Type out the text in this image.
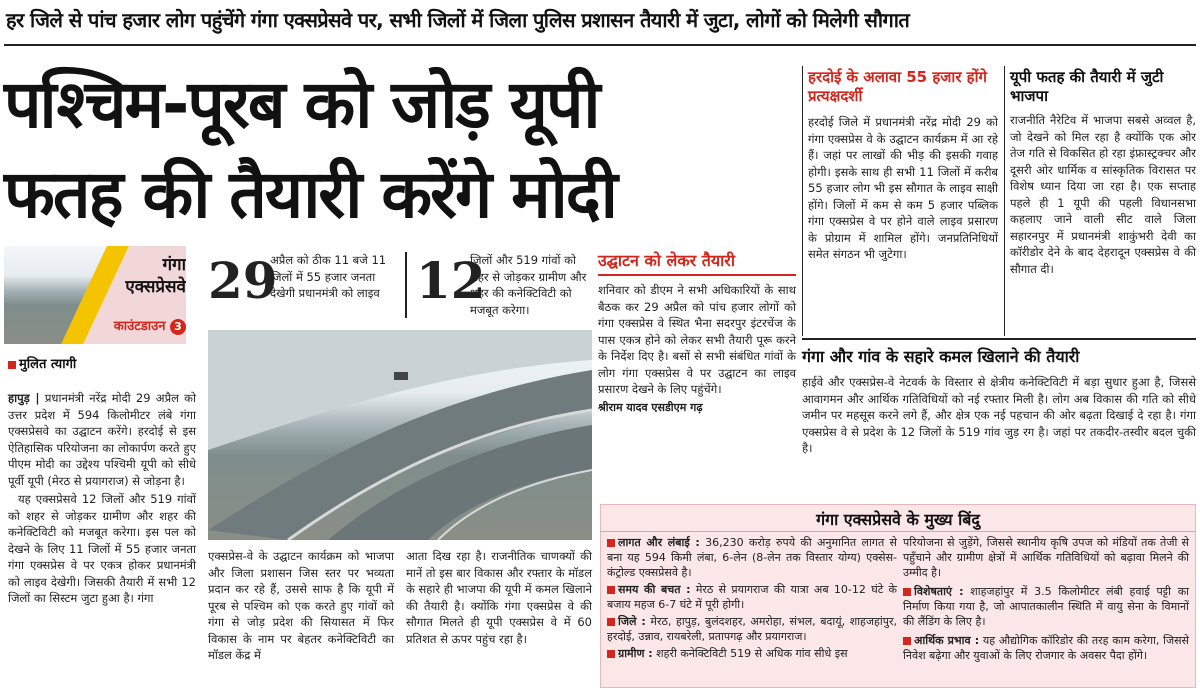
हर जिले से पांच हजार लोग पहुंचेंगे गंगा एक्सप्रेसवे पर, सभी जिलों में जिला पुलिस प्रशासन तैयारी में जुटा, लोगों को मिलेगी सौगात
पश्चिम-पूरब को जोड़ यूपी
फतह की तैयारी करेंगे मोदी
गंगा
एक्सप्रेसवे
काउंटडाउन 3
मुलित त्यागी

हापुड़ | प्रधानमंत्री नरेंद्र मोदी 29 अप्रैल को उत्तर प्रदेश में 594 किलोमीटर लंबे गंगा एक्सप्रेसवे का उद्घाटन करेंगे। हरदोई से इस ऐतिहासिक परियोजना का लोकार्पण करते हुए पीएम मोदी का उद्देश्य पश्चिमी यूपी को सीधे पूर्वी यूपी (मेरठ से प्रयागराज) से जोड़ना है।

यह एक्सप्रेसवे 12 जिलों और 519 गांवों को शहर से जोड़कर ग्रामीण और शहर की कनेक्टिविटी को मजबूत करेगा। इस पल को देखने के लिए 11 जिलों में 55 हजार जनता गंगा एक्सप्रेस वे पर एकत्र होकर प्रधानमंत्री को लाइव देखेगी। जिसकी तैयारी में सभी 12 जिलों का सिस्टम जुटा हुआ है। गंगा

29
अप्रैल को ठीक 11 बजे 11 जिलों में 55 हजार जनता देखेगी प्रधानमंत्री को लाइव 12
जिलों और 519 गांवों को शहर से जोड़कर ग्रामीण और शहर की कनेक्टिविटी को मजबूत करेगा।
एक्सप्रेस-वे के उद्घाटन कार्यक्रम को भाजपा और जिला प्रशासन जिस स्तर पर भव्यता प्रदान कर रहे हैं, उससे साफ है कि यूपी में पूरब से पश्चिम को एक करते हुए गांवों को गंगा से जोड़ प्रदेश की सियासत में फिर विकास के नाम पर बेहतर कनेक्टिविटी का मॉडल केंद्र में
आता दिख रहा है। राजनीतिक चाणक्यों की मानें तो इस बार विकास और रफ्तार के मॉडल के सहारे ही भाजपा की यूपी में कमल खिलाने की तैयारी है। क्योंकि गंगा एक्सप्रेस वे की सौगात मिलते ही यूपी एक्सप्रेस वे में 60 प्रतिशत से ऊपर पहुंच रहा है।
उद्घाटन को लेकर तैयारी
शनिवार को डीएम ने सभी अधिकारियों के साथ बैठक कर 29 अप्रैल को पांच हजार लोगों को गंगा एक्सप्रेस वे स्थित भैना सदरपुर इंटरचेंज के पास एकत्र होने को लेकर सभी तैयारी पूरू करने के निर्देश दिए है। बसों से सभी संबंधित गांवों के लोग गंगा एक्सप्रेस वे पर उद्घाटन का लाइव प्रसारण देखने के लिए पहुंचेंगे।
श्रीराम यादव एसडीएम गढ़
हरदोई के अलावा 55 हजार होंगे प्रत्यक्षदर्शी
हरदोई जिले में प्रधानमंत्री नरेंद्र मोदी 29 को गंगा एक्सप्रेस वे के उद्घाटन कार्यक्रम में आ रहे हैं। जहां पर लाखों की भीड़ की इसकी गवाह होगी। इसके साथ ही सभी 11 जिलों में करीब 55 हजार लोग भी इस सौगात के लाइव साक्षी होंगे। जिलों में कम से कम 5 हजार पब्लिक गंगा एक्सप्रेस वे पर होने वाले लाइव प्रसारण के प्रोग्राम में शामिल होंगे। जनप्रतिनिधियों समेत संगठन भी जुटेगा।
यूपी फतह की तैयारी में जुटी भाजपा
राजनीति नैरेटिव में भाजपा सबसे अव्वल है, जो देखने को मिल रहा है क्योंकि एक ओर तेज गति से विकसित हो रहा इंफ्रास्ट्रक्चर और दूसरी ओर धार्मिक व सांस्कृतिक विरासत पर विशेष ध्यान दिया जा रहा है। एक सप्ताह पहले ही 1 यूपी की पहली विधानसभा कहलाए जाने वाली सीट वाले जिला सहारनपुर में प्रधानमंत्री शाकुंभरी देवी का कॉरीडोर देने के बाद देहरादून एक्सप्रेस वे की सौगात दी।
गंगा और गांव के सहारे कमल खिलाने की तैयारी
हाईवे और एक्सप्रेस-वे नेटवर्क के विस्तार से क्षेत्रीय कनेक्टिविटी में बड़ा सुधार हुआ है, जिससे आवागमन और आर्थिक गतिविधियों को नई रफ्तार मिली है। लोग अब विकास की गति को सीधे जमीन पर महसूस करने लगे हैं, और क्षेत्र एक नई पहचान की ओर बढ़ता दिखाई दे रहा है। गंगा एक्सप्रेस वे से प्रदेश के 12 जिलों के 519 गांव जुड़ रग है। जहां पर तकदीर-तस्वीर बदल चुकी है।
गंगा एक्सप्रेसवे के मुख्य बिंदु

लागत और लंबाई : 36,230 करोड़ रुपये की अनुमानित लागत से बना यह 594 किमी लंबा, 6-लेन (8-लेन तक विस्तार योग्य) एक्सेस-कंट्रोल्ड एक्सप्रेसवे है।

समय की बचत : मेरठ से प्रयागराज की यात्रा अब 10-12 घंटे के बजाय महज 6-7 घंटे में पूरी होगी।

जिले : मेरठ, हापुड़, बुलंदशहर, अमरोहा, संभल, बदायूं, शाहजहांपुर, हरदोई, उन्नाव, रायबरेली, प्रतापगढ़ और प्रयागराज।

ग्रामीण : शहरी कनेक्टिविटी 519 से अधिक गांव सीधे इस

परियोजना से जुड़ेंगे, जिससे स्थानीय कृषि उपज को मंडियों तक तेजी से पहुँचाने और ग्रामीण क्षेत्रों में आर्थिक गतिविधियों को बढ़ावा मिलने की उम्मीद है।

विशेषताएं : शाहजहांपुर में 3.5 किलोमीटर लंबी हवाई पट्टी का निर्माण किया गया है, जो आपातकालीन स्थिति में वायु सेना के विमानों की लैंडिंग के लिए है।

आर्थिक प्रभाव : यह औद्योगिक कॉरिडोर की तरह काम करेगा, जिससे निवेश बढ़ेगा और युवाओं के लिए रोजगार के अवसर पैदा होंगे।
